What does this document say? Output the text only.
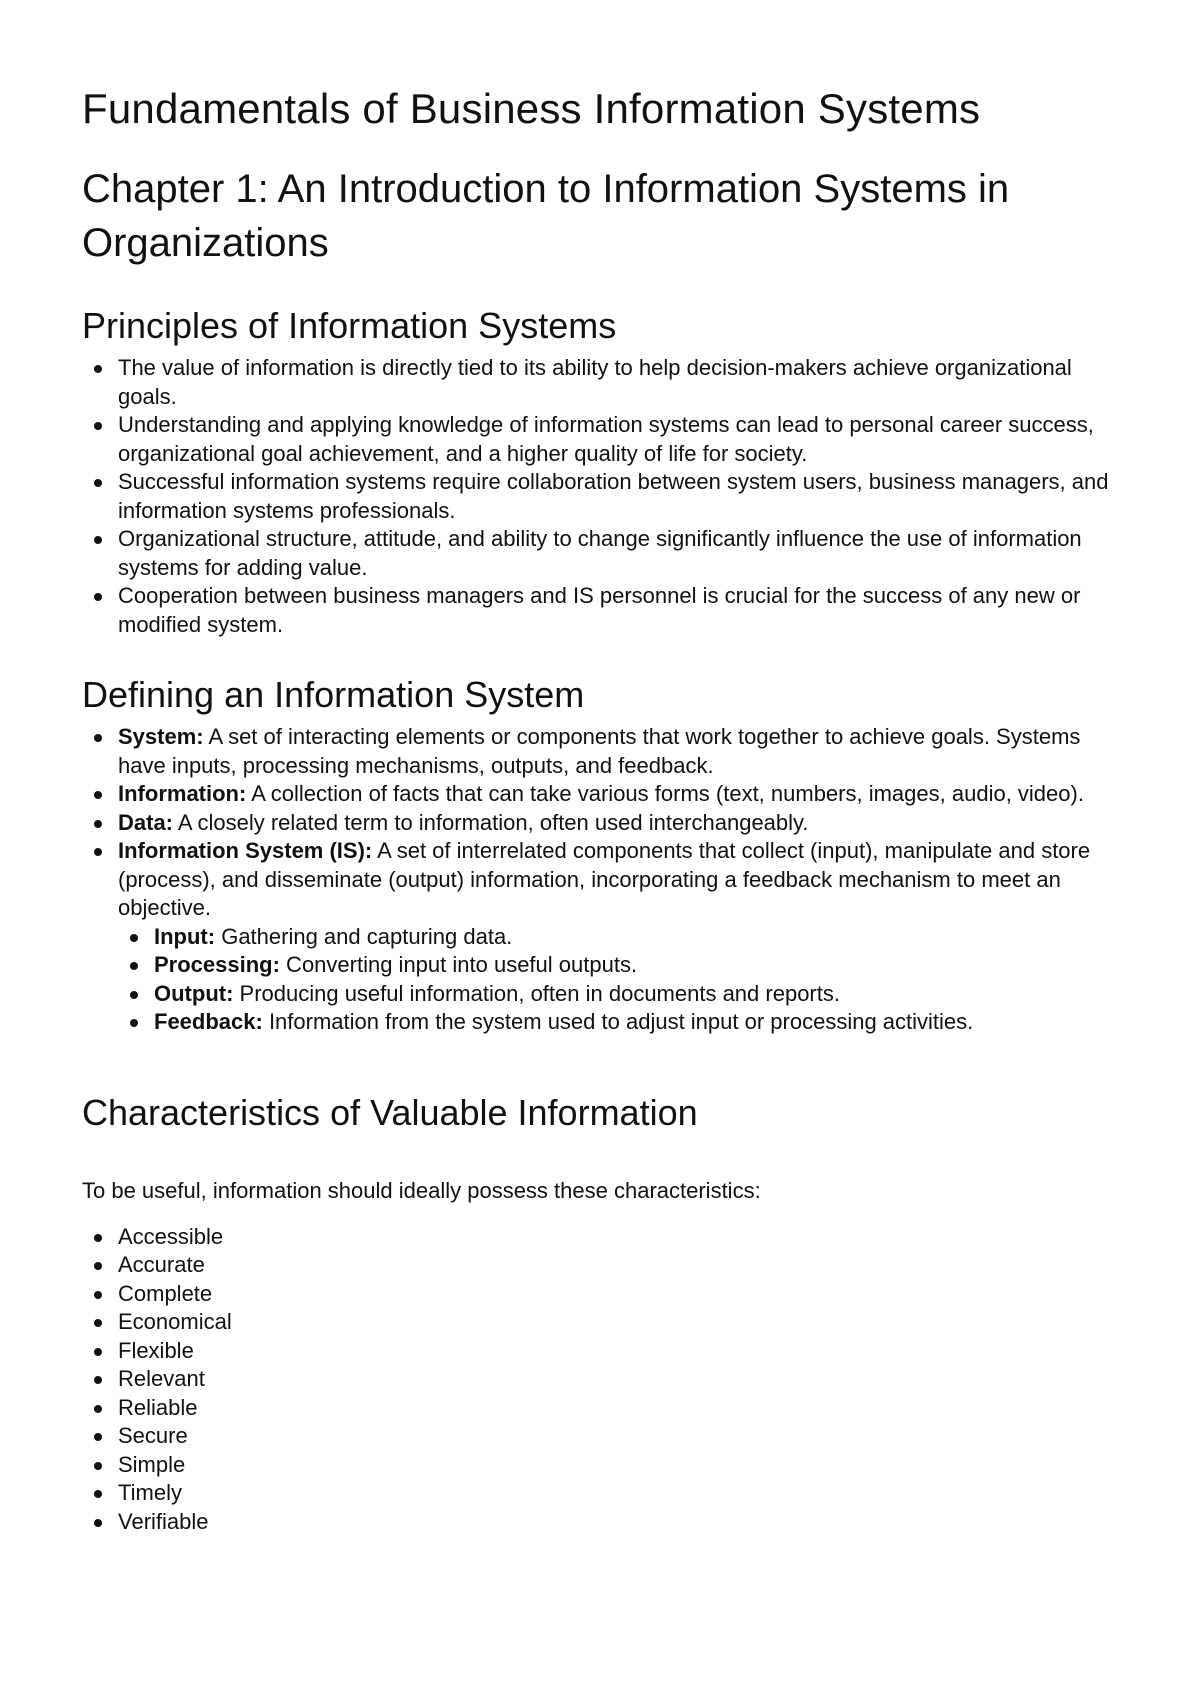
Fundamentals of Business Information Systems
Chapter 1: An Introduction to Information Systems in Organizations
Principles of Information Systems
The value of information is directly tied to its ability to help decision-makers achieve organizational goals.
Understanding and applying knowledge of information systems can lead to personal career success, organizational goal achievement, and a higher quality of life for society.
Successful information systems require collaboration between system users, business managers, and information systems professionals.
Organizational structure, attitude, and ability to change significantly influence the use of information systems for adding value.
Cooperation between business managers and IS personnel is crucial for the success of any new or modified system.
Defining an Information System
System: A set of interacting elements or components that work together to achieve goals. Systems have inputs, processing mechanisms, outputs, and feedback.
Information: A collection of facts that can take various forms (text, numbers, images, audio, video).
Data: A closely related term to information, often used interchangeably.
Information System (IS): A set of interrelated components that collect (input), manipulate and store (process), and disseminate (output) information, incorporating a feedback mechanism to meet an objective.
Input: Gathering and capturing data.
Processing: Converting input into useful outputs.
Output: Producing useful information, often in documents and reports.
Feedback: Information from the system used to adjust input or processing activities.
Characteristics of Valuable Information

To be useful, information should ideally possess these characteristics:

Accessible
Accurate
Complete
Economical
Flexible
Relevant
Reliable
Secure
Simple
Timely
Verifiable
